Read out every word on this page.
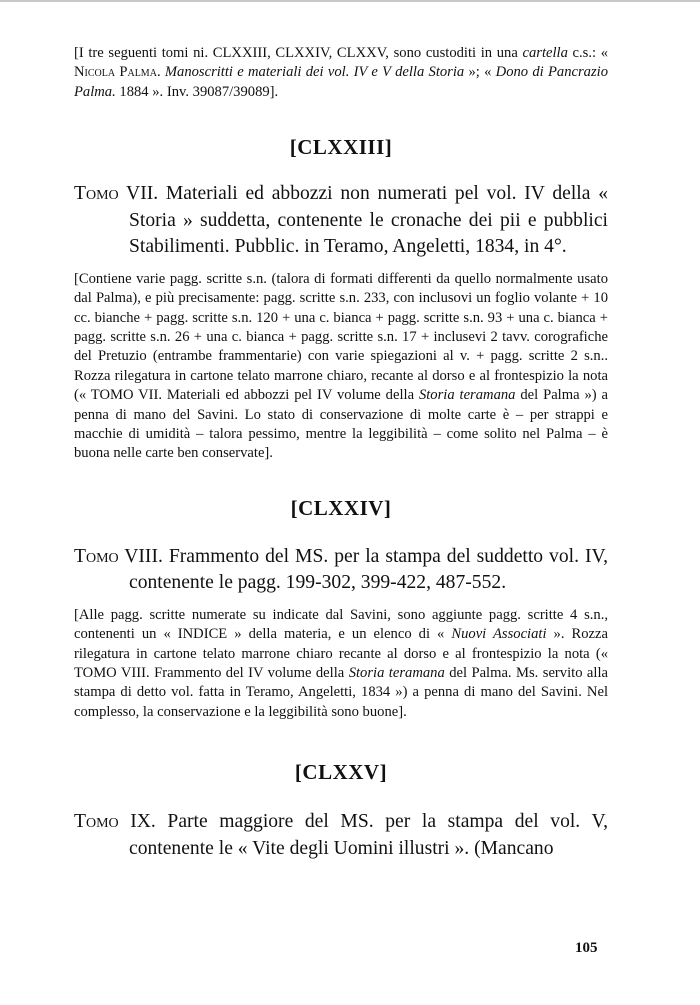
[I tre seguenti tomi ni. CLXXIII, CLXXIV, CLXXV, sono custoditi in una cartella c.s.: « Nicola Palma. Manoscritti e materiali dei vol. IV e V della Storia »; « Dono di Pancrazio Palma. 1884 ». Inv. 39087/39089].

[CLXXIII]

Tomo VII. Materiali ed abbozzi non numerati pel vol. IV della « Storia » suddetta, contenente le cronache dei pii e pubblici Stabilimenti. Pubblic. in Teramo, Angeletti, 1834, in 4°.

[Contiene varie pagg. scritte s.n. (talora di formati differenti da quello normalmente usato dal Palma), e più precisamente: pagg. scritte s.n. 233, con inclusovi un foglio volante + 10 cc. bianche + pagg. scritte s.n. 120 + una c. bianca + pagg. scritte s.n. 93 + una c. bianca + pagg. scritte s.n. 26 + una c. bianca + pagg. scritte s.n. 17 + inclusevi 2 tavv. corografiche del Pretuzio (entrambe frammentarie) con varie spiegazioni al v. + pagg. scritte 2 s.n.. Rozza rilegatura in cartone telato marrone chiaro, recante al dorso e al frontespizio la nota (« TOMO VII. Materiali ed abbozzi pel IV volume della Storia teramana del Palma ») a penna di mano del Savini. Lo stato di conservazione di molte carte è – per strappi e macchie di umidità – talora pessimo, mentre la leggibilità – come solito nel Palma – è buona nelle carte ben conservate].

[CLXXIV]

Tomo VIII. Frammento del MS. per la stampa del suddetto vol. IV, contenente le pagg. 199-302, 399-422, 487-552.

[Alle pagg. scritte numerate su indicate dal Savini, sono aggiunte pagg. scritte 4 s.n., contenenti un « INDICE » della materia, e un elenco di « Nuovi Associati ». Rozza rilegatura in cartone telato marrone chiaro recante al dorso e al frontespizio la nota (« TOMO VIII. Frammento del IV volume della Storia teramana del Palma. Ms. servito alla stampa di detto vol. fatta in Teramo, Angeletti, 1834 ») a penna di mano del Savini. Nel complesso, la conservazione e la leggibilità sono buone].

[CLXXV]

Tomo IX. Parte maggiore del MS. per la stampa del vol. V, contenente le « Vite degli Uomini illustri ». (Mancano

105
